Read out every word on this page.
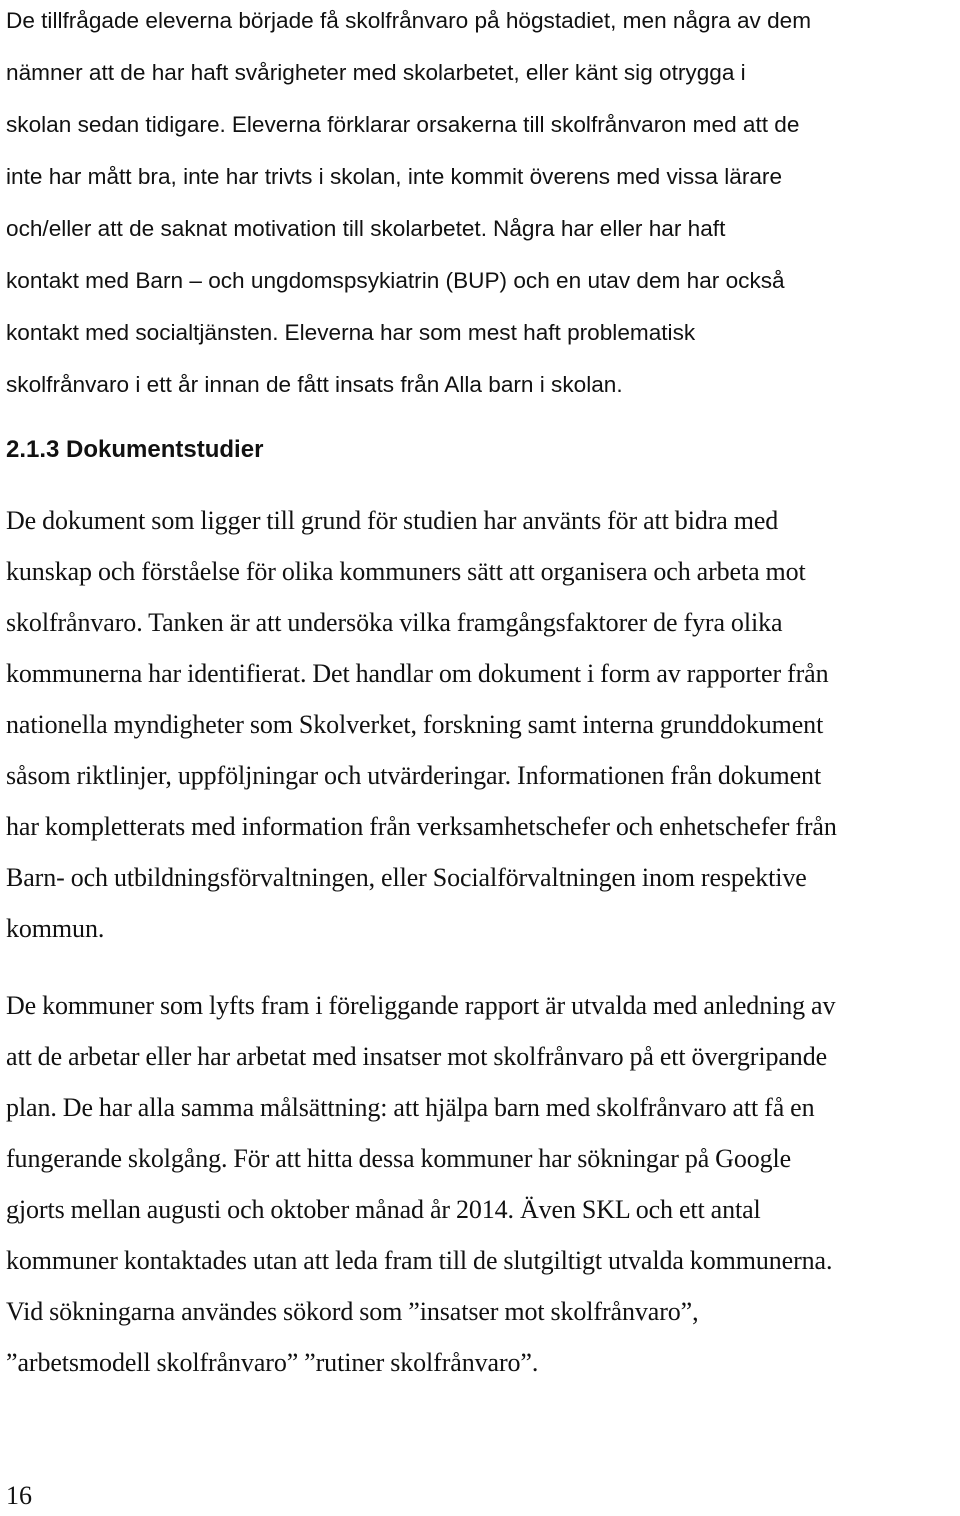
De tillfrågade eleverna började få skolfrånvaro på högstadiet, men några av dem
nämner att de har haft svårigheter med skolarbetet, eller känt sig otrygga i
skolan sedan tidigare. Eleverna förklarar orsakerna till skolfrånvaron med att de
inte har mått bra, inte har trivts i skolan, inte kommit överens med vissa lärare
och/eller att de saknat motivation till skolarbetet. Några har eller har haft
kontakt med Barn – och ungdomspsykiatrin (BUP) och en utav dem har också
kontakt med socialtjänsten. Eleverna har som mest haft problematisk
skolfrånvaro i ett år innan de fått insats från Alla barn i skolan.

2.1.3 Dokumentstudier

De dokument som ligger till grund för studien har använts för att bidra med
kunskap och förståelse för olika kommuners sätt att organisera och arbeta mot
skolfrånvaro. Tanken är att undersöka vilka framgångsfaktorer de fyra olika
kommunerna har identifierat. Det handlar om dokument i form av rapporter från
nationella myndigheter som Skolverket, forskning samt interna grunddokument
såsom riktlinjer, uppföljningar och utvärderingar. Informationen från dokument
har kompletterats med information från verksamhetschefer och enhetschefer från
Barn- och utbildningsförvaltningen, eller Socialförvaltningen inom respektive
kommun.

De kommuner som lyfts fram i föreliggande rapport är utvalda med anledning av
att de arbetar eller har arbetat med insatser mot skolfrånvaro på ett övergripande
plan. De har alla samma målsättning: att hjälpa barn med skolfrånvaro att få en
fungerande skolgång. För att hitta dessa kommuner har sökningar på Google
gjorts mellan augusti och oktober månad år 2014. Även SKL och ett antal
kommuner kontaktades utan att leda fram till de slutgiltigt utvalda kommunerna.
Vid sökningarna användes sökord som ”insatser mot skolfrånvaro”,
”arbetsmodell skolfrånvaro” ”rutiner skolfrånvaro”.

16
